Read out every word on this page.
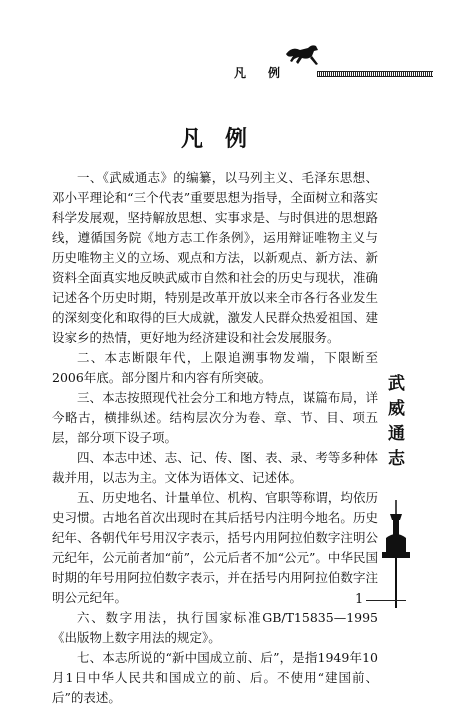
凡例
凡例

一、《武威通志》的编纂，以马列主义、毛泽东思想、邓小平理论和“三个代表”重要思想为指导，全面树立和落实科学发展观，坚持解放思想、实事求是、与时俱进的思想路线，遵循国务院《地方志工作条例》，运用辩证唯物主义与历史唯物主义的立场、观点和方法，以新观点、新方法、新资料全面真实地反映武威市自然和社会的历史与现状，准确记述各个历史时期，特别是改革开放以来全市各行各业发生的深刻变化和取得的巨大成就，激发人民群众热爱祖国、建设家乡的热情，更好地为经济建设和社会发展服务。

二、本志断限年代，上限追溯事物发端，下限断至2006年底。部分图片和内容有所突破。

三、本志按照现代社会分工和地方特点，谋篇布局，详今略古，横排纵述。结构层次分为卷、章、节、目、项五层，部分项下设子项。

四、本志中述、志、记、传、图、表、录、考等多种体裁并用，以志为主。文体为语体文、记述体。

五、历史地名、计量单位、机构、官职等称谓，均依历史习惯。古地名首次出现时在其后括号内注明今地名。历史纪年、各朝代年号用汉字表示，括号内用阿拉伯数字注明公元纪年，公元前者加“前”，公元后者不加“公元”。中华民国时期的年号用阿拉伯数字表示，并在括号内用阿拉伯数字注明公元纪年。

六、数字用法，执行国家标准GB/T15835—1995《出版物上数字用法的规定》。

七、本志所说的“新中国成立前、后”，是指1949年10月1日中华人民共和国成立的前、后。不使用“建国前、后”的表述。

武威通志
1
